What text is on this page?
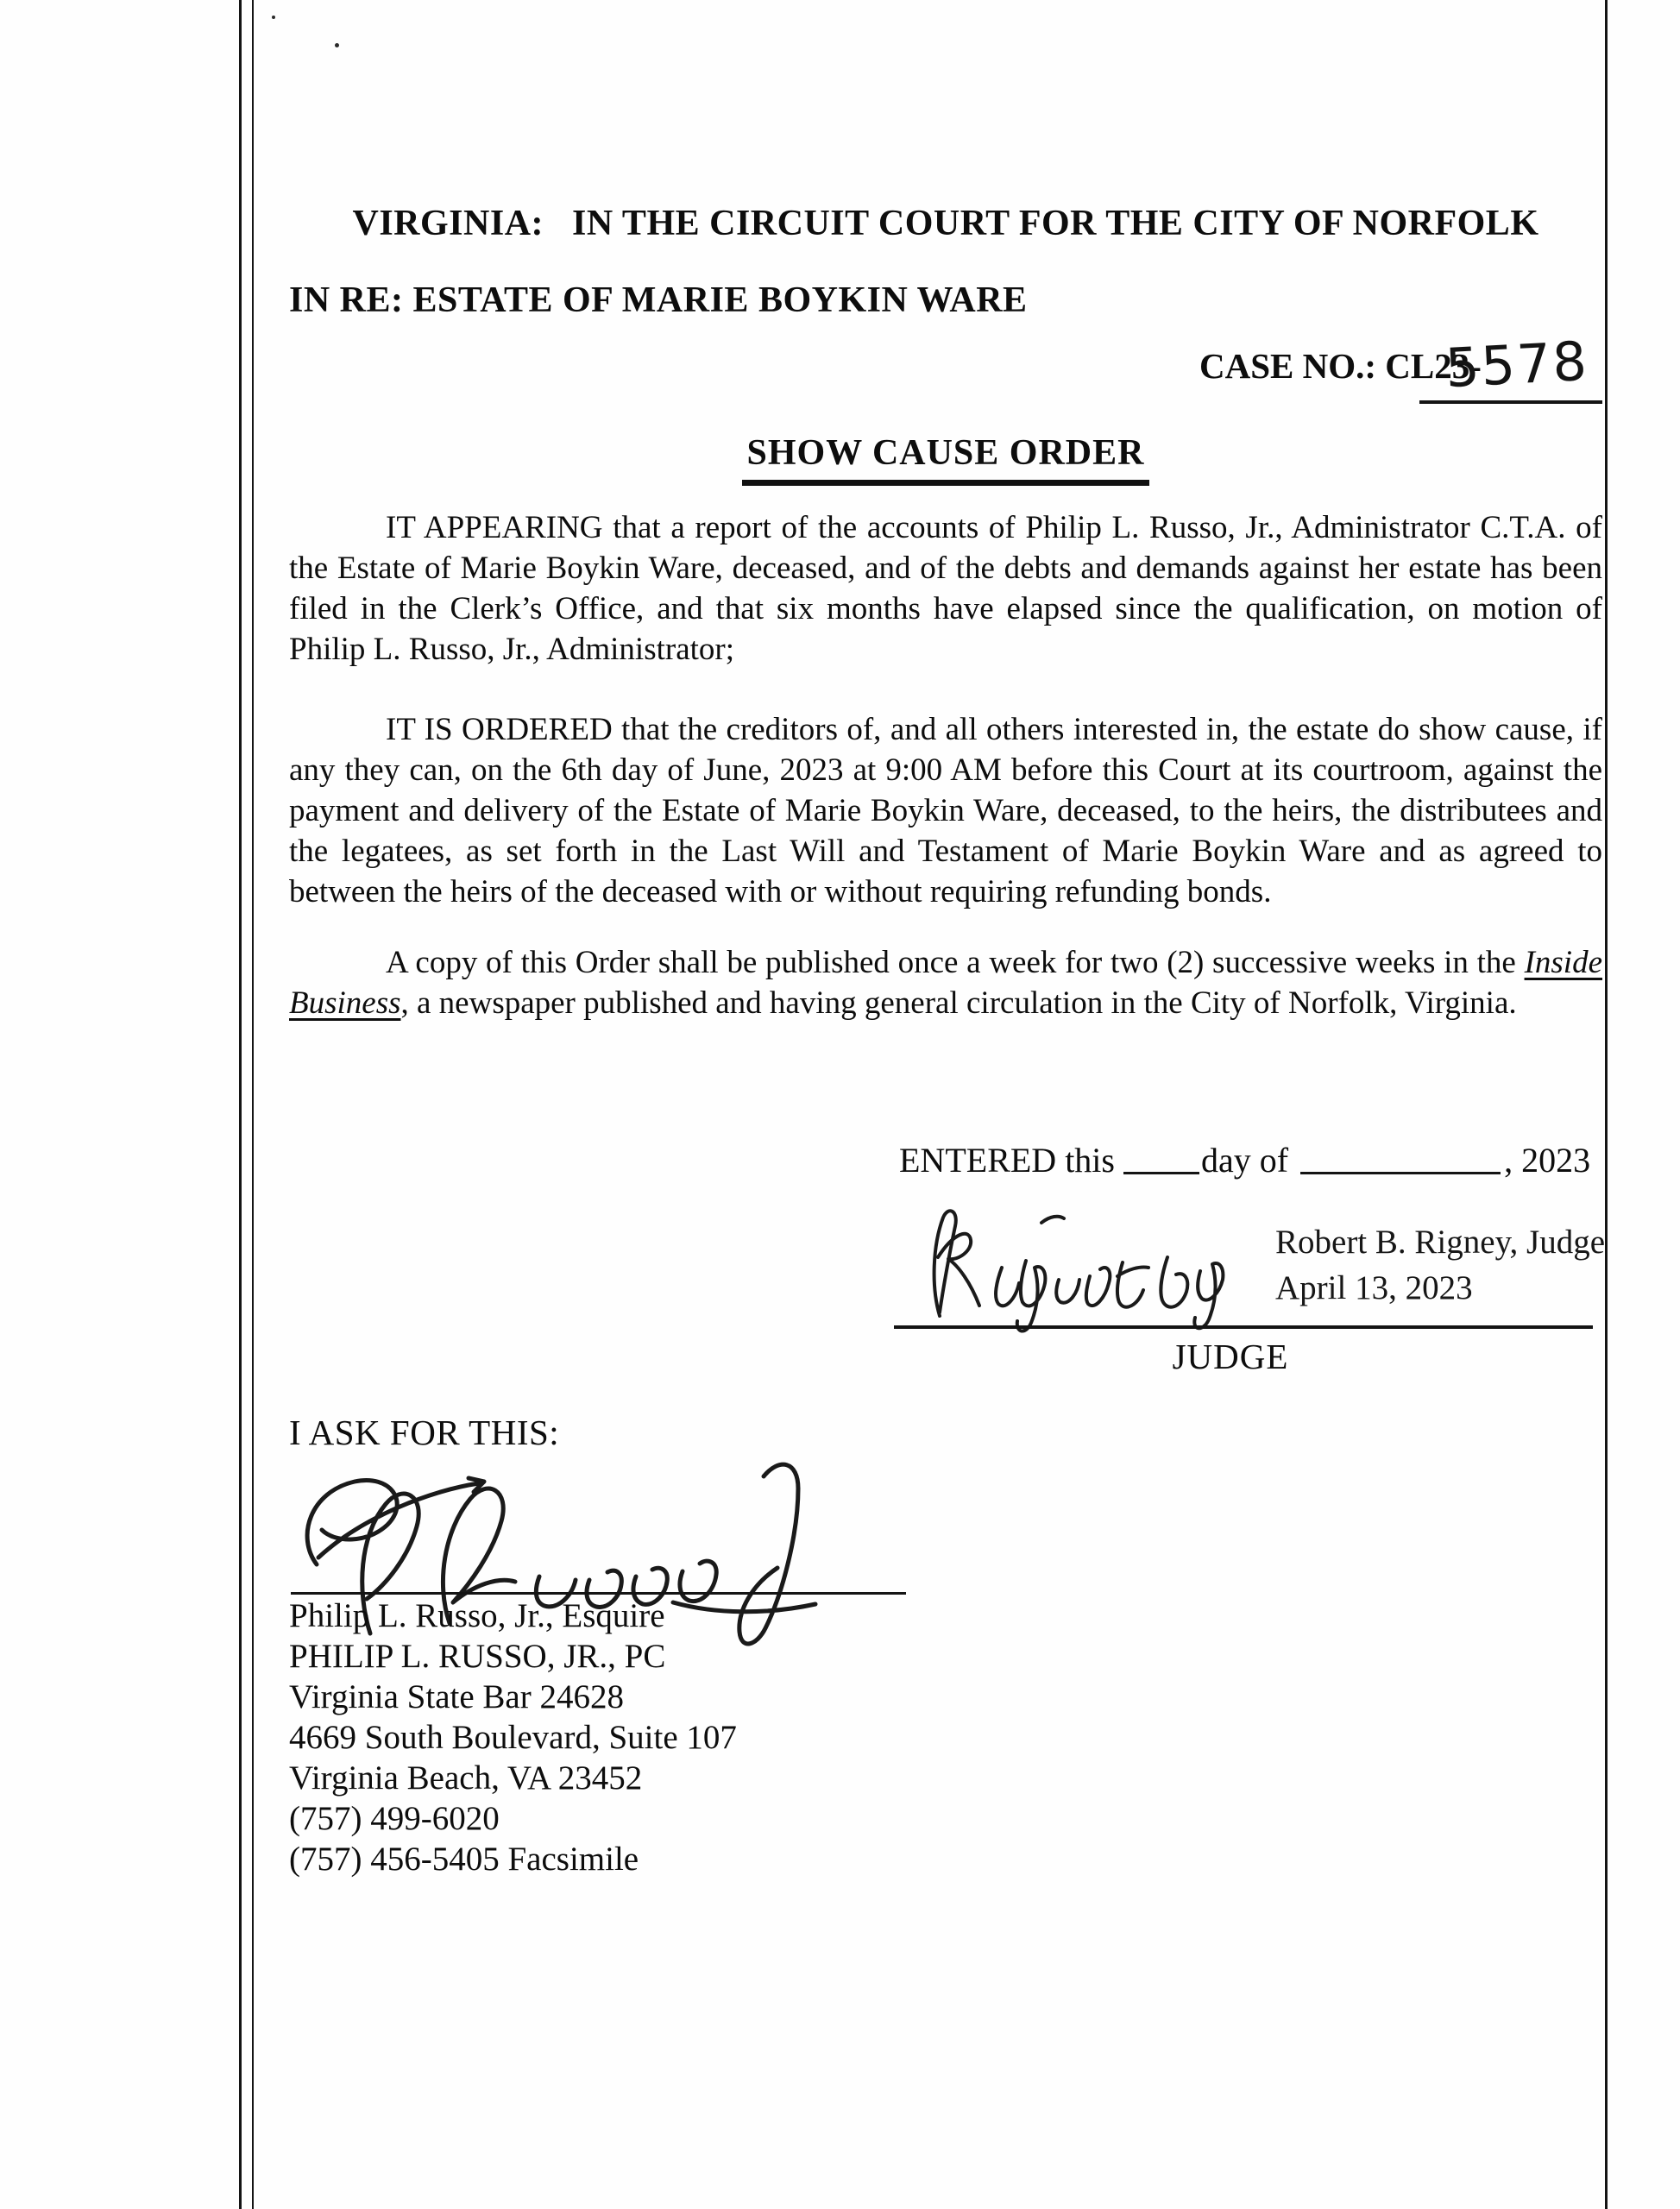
VIRGINIA:   IN THE CIRCUIT COURT FOR THE CITY OF NORFOLK
IN RE: ESTATE OF MARIE BOYKIN WARE
CASE NO.: CL23-
5578
SHOW CAUSE ORDER

IT APPEARING that a report of the accounts of Philip L. Russo, Jr., Administrator C.T.A. of the Estate of Marie Boykin Ware, deceased, and of the debts and demands against her estate has been filed in the Clerk’s Office, and that six months have elapsed since the qualification, on motion of Philip L. Russo, Jr., Administrator;

IT IS ORDERED that the creditors of, and all others interested in, the estate do show cause, if any they can, on the 6th day of June, 2023 at 9:00 AM before this Court at its courtroom, against the payment and delivery of the Estate of Marie Boykin Ware, deceased, to the heirs, the distributees and the legatees, as set forth in the Last Will and Testament of Marie Boykin Ware and as agreed to between the heirs of the deceased with or without requiring refunding bonds.

A copy of this Order shall be published once a week for two (2) successive weeks in the Inside Business, a newspaper published and having general circulation in the City of Norfolk, Virginia.

ENTERED this	day of	, 2023
Robert B. Rigney, Judge
April 13, 2023
JUDGE
I ASK FOR THIS:
Philip L. Russo, Jr., Esquire
PHILIP L. RUSSO, JR., PC
Virginia State Bar 24628
4669 South Boulevard, Suite 107
Virginia Beach, VA 23452
(757) 499-6020
(757) 456-5405 Facsimile
